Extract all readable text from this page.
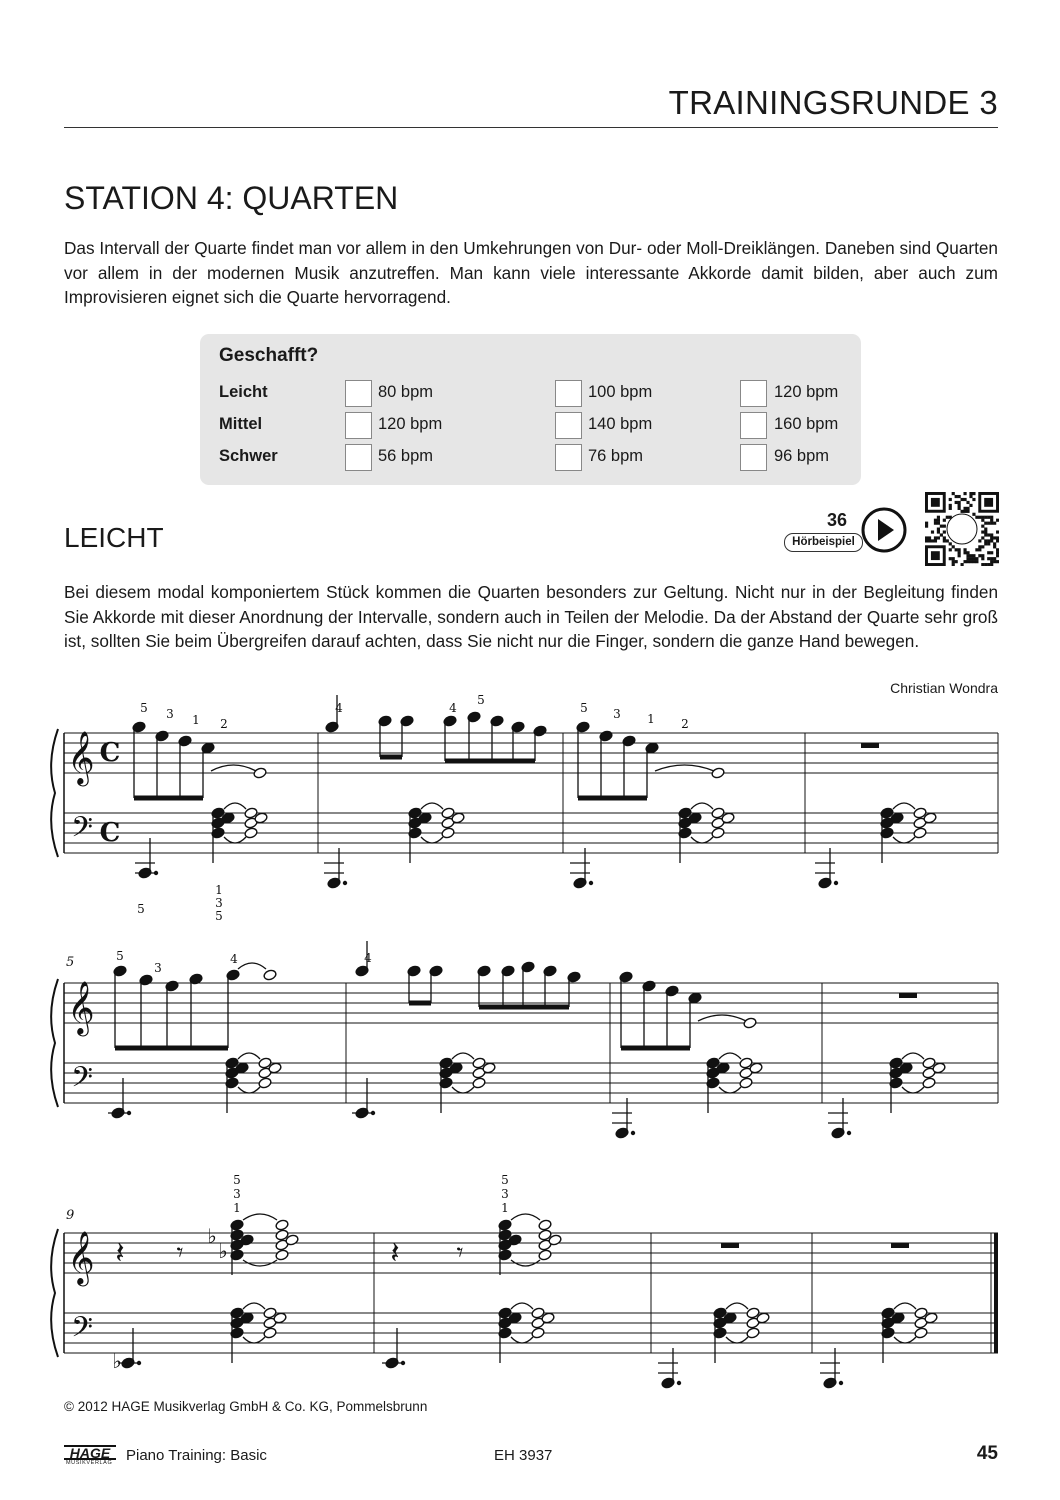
TRAININGSRUNDE 3
STATION 4: QUARTEN

Das Intervall der Quarte findet man vor allem in den Umkehrungen von Dur- oder Moll-Dreiklängen. Daneben sind Quarten vor allem in der modernen Musik anzutreffen. Man kann viele interessante Akkorde damit bilden, aber auch zum Improvisieren eignet sich die Quarte hervorragend.

Geschafft?
Leicht	80 bpm	100 bpm	120 bpm
Mittel	120 bpm	140 bpm	160 bpm
Schwer	56 bpm	76 bpm	96 bpm
LEICHT
36
Hörbeispiel

Bei diesem modal komponiertem Stück kommen die Quarten besonders zur Geltung. Nicht nur in der Begleitung finden Sie Akkorde mit dieser Anordnung der Intervalle, sondern auch in Teilen der Melodie. Da der Abstand der Quarte sehr groß ist, sollten Sie beim Übergreifen darauf achten, dass Sie nicht nur die Finger, sondern die ganze Hand bewegen.

Christian Wondra
𝄞
𝄢
C
C
𝄞
𝄢
𝄞
𝄢
5 3 1 2
5
1
3
5
4	4
5
5 3 1 2
5
3
4	4
𝄽 𝄾
♭
♭
5
3
1
♭
𝄽 𝄾
5
3
1
5
9
© 2012 HAGE Musikverlag GmbH & Co. KG, Pommelsbrunn
HAGE
MUSIKVERLAG Piano Training: Basic	EH 3937	45
